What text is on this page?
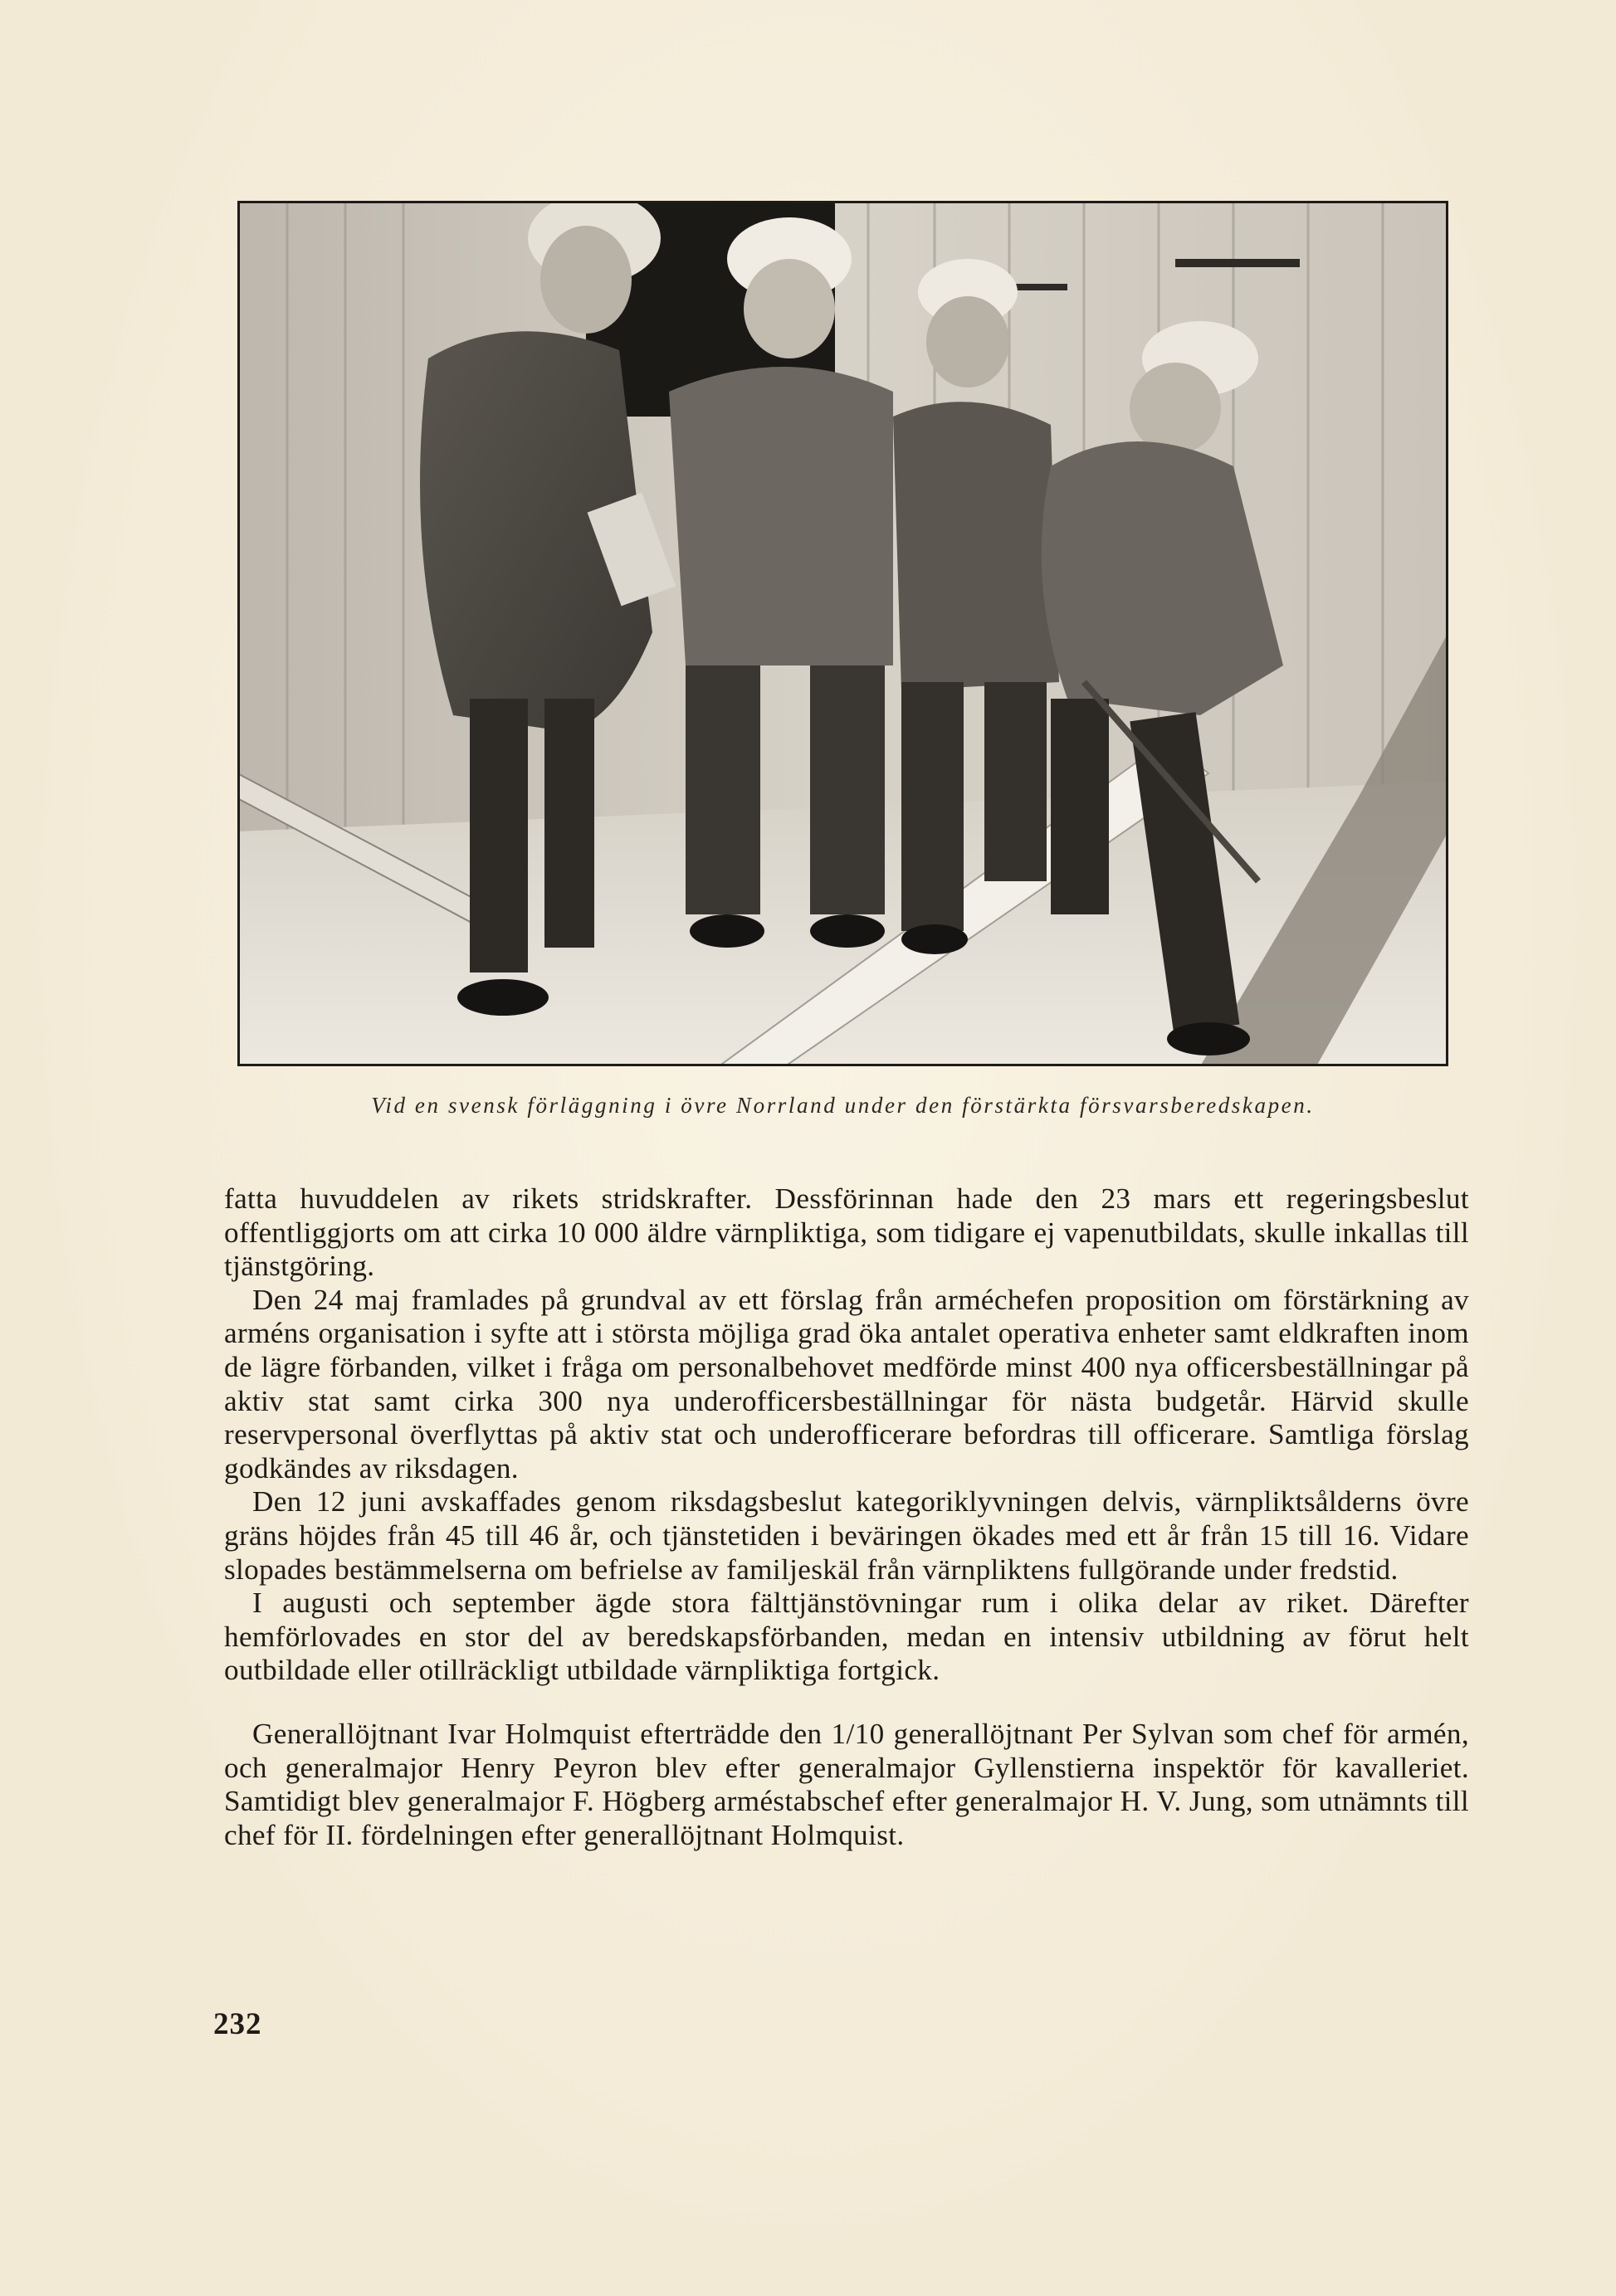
Vid en svensk förläggning i övre Norrland under den förstärkta försvarsberedskapen.

fatta huvuddelen av rikets stridskrafter. Dessförinnan hade den 23 mars ett regeringsbeslut offentliggjorts om att cirka 10 000 äldre värnpliktiga, som tidigare ej vapenutbildats, skulle inkallas till tjänstgöring.

Den 24 maj framlades på grundval av ett förslag från arméchefen proposition om förstärkning av arméns organisation i syfte att i största möjliga grad öka antalet operativa enheter samt eldkraften inom de lägre förbanden, vilket i fråga om personalbehovet medförde minst 400 nya officersbeställningar på aktiv stat samt cirka 300 nya underofficersbeställningar för nästa budgetår. Härvid skulle reservpersonal överflyttas på aktiv stat och underofficerare befordras till officerare. Samtliga förslag godkändes av riksdagen.

Den 12 juni avskaffades genom riksdagsbeslut kategoriklyvningen delvis, värnpliktsålderns övre gräns höjdes från 45 till 46 år, och tjänstetiden i beväringen ökades med ett år från 15 till 16. Vidare slopades bestämmelserna om befrielse av familjeskäl från värnpliktens fullgörande under fredstid.

I augusti och september ägde stora fälttjänstövningar rum i olika delar av riket. Därefter hemförlovades en stor del av beredskapsförbanden, medan en intensiv utbildning av förut helt outbildade eller otillräckligt utbildade värnpliktiga fortgick.

Generallöjtnant Ivar Holmquist efterträdde den 1/10 generallöjtnant Per Sylvan som chef för armén, och generalmajor Henry Peyron blev efter generalmajor Gyllenstierna inspektör för kavalleriet. Samtidigt blev generalmajor F. Högberg arméstabschef efter generalmajor H. V. Jung, som utnämnts till chef för II. fördelningen efter generallöjtnant Holmquist.

232
